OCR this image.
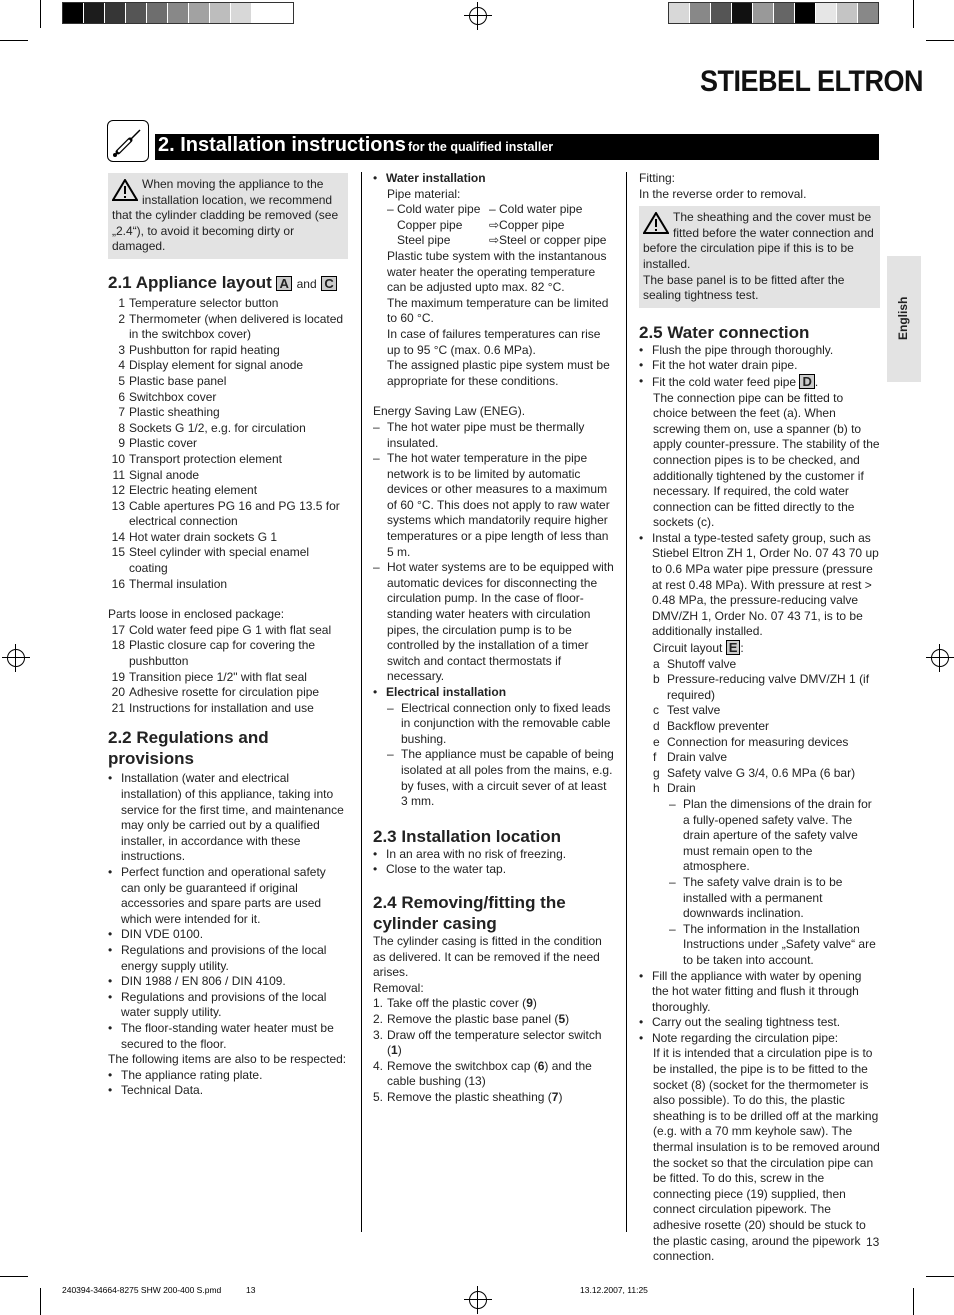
STIEBEL ELTRON
2. Installation instructions for the qualified installer
English
When moving the appliance to the installation location, we recommend that the cylinder cladding be removed (see „2.4“), to avoid it becoming dirty or damaged.
2.1 Appliance layout A and C
1 Temperature selector button
2 Thermometer (when delivered is located in the switchbox cover)
3 Pushbutton for rapid heating
4 Display element for signal anode
5 Plastic base panel
6 Switchbox cover
7 Plastic sheathing
8 Sockets G 1/2, e.g. for circulation
9 Plastic cover
10 Transport protection element
11 Signal anode
12 Electric heating element
13 Cable apertures PG 16 and PG 13.5 for electrical connection
14 Hot water drain sockets G 1
15 Steel cylinder with special enamel coating
16 Thermal insulation
Parts loose in enclosed package:
17 Cold water feed pipe G 1 with flat seal
18 Plastic closure cap for covering the pushbutton
19 Transition piece 1/2" with flat seal
20 Adhesive rosette for circulation pipe
21 Instructions for installation and use
2.2 Regulations and provisions
• Installation (water and electrical installation) of this appliance, taking into service for the first time, and maintenance may only be carried out by a qualified installer, in accordance with these instructions.
• Perfect function and operational safety can only be guaranteed if original accessories and spare parts are used which were intended for it.
• DIN VDE 0100.
• Regulations and provisions of the local energy supply utility.
• DIN 1988 / EN 806 / DIN 4109.
• Regulations and provisions of the local water supply utility.
• The floor-standing water heater must be secured to the floor.
The following items are also to be respected:
• The appliance rating plate.
• Technical Data.
• Water installation
Pipe material:
– Cold water pipe – Cold water pipe
Copper pipe	⇨Copper pipe
Steel pipe	⇨Steel or copper pipe
Plastic tube system with the instantanous water heater the operating temperature can be adjusted upto max. 82 °C.
The maximum temperature can be limited to 60 °C.
In case of failures temperatures can rise up to 95 °C (max. 0.6 MPa).
The assigned plastic pipe system must be appropriate for these conditions.
Energy Saving Law (ENEG).
– The hot water pipe must be thermally insulated.
– The hot water temperature in the pipe network is to be limited by automatic devices or other measures to a maximum of 60 °C. This does not apply to raw water systems which mandatorily require higher temperatures or a pipe length of less than 5 m.
– Hot water systems are to be equipped with automatic devices for disconnecting the circulation pump. In the case of floor-standing water heaters with circulation pipes, the circulation pump is to be controlled by the installation of a timer switch and contact thermostats if necessary.
• Electrical installation
– Electrical connection only to fixed leads in conjunction with the removable cable bushing.
– The appliance must be capable of being isolated at all poles from the mains, e.g. by fuses, with a circuit sever of at least 3 mm.
2.3 Installation location
• In an area with no risk of freezing.
• Close to the water tap.
2.4 Removing/fitting the cylinder casing
The cylinder casing is fitted in the condition as delivered. It can be removed if the need arises.
Removal:
1. Take off the plastic cover (9)
2. Remove the plastic base panel (5)
3. Draw off the temperature selector switch (1)
4. Remove the switchbox cap (6) and the cable bushing (13)
5. Remove the plastic sheathing (7)
Fitting:
In the reverse order to removal.
The sheathing and the cover must be fitted before the water connection and before the circulation pipe if this is to be installed.
The base panel is to be fitted after the sealing tightness test.
2.5 Water connection
• Flush the pipe through thoroughly.
• Fit the hot water drain pipe.
• Fit the cold water feed pipe D .
The connection pipe can be fitted to choice between the feet (a). When screwing them on, use a spanner (b) to apply counter-pressure. The stability of the connection pipes is to be checked, and additionally tightened by the customer if necessary. If required, the cold water connection can be fitted directly to the sockets (c).
• Instal a type-tested safety group, such as Stiebel Eltron ZH 1, Order No. 07 43 70 up to 0.6 MPa water pipe pressure (pressure at rest 0.48 MPa). With pressure at rest > 0.48 MPa, the pressure-reducing valve DMV/ZH 1, Order No. 07 43 71, is to be additionally installed.
Circuit layout E :
a Shutoff valve
b Pressure-reducing valve DMV/ZH 1 (if required)
c Test valve
d Backflow preventer
e Connection for measuring devices
f Drain valve
g Safety valve G 3/4, 0.6 MPa (6 bar)
h Drain
– Plan the dimensions of the drain for a fully-opened safety valve. The drain aperture of the safety valve must remain open to the atmosphere.
– The safety valve drain is to be installed with a permanent downwards inclination.
– The information in the Installation Instructions under „Safety valve“ are to be taken into account.
• Fill the appliance with water by opening the hot water fitting and flush it through thoroughly.
• Carry out the sealing tightness test.
• Note regarding the circulation pipe:
If it is intended that a circulation pipe is to be installed, the pipe is to be fitted to the socket (8) (socket for the thermometer is also possible). To do this, the plastic sheathing is to be drilled off at the marking (e.g. with a 70 mm keyhole saw). The thermal insulation is to be removed around the socket so that the circulation pipe can be fitted. To do this, screw in the connecting piece (19) supplied, then connect circulation pipework. The adhesive rosette (20) should be stuck to the plastic casing, around the pipework connection.
13
240394-34664-8275 SHW 200-400 S.pmd	13	13.12.2007, 11:25
